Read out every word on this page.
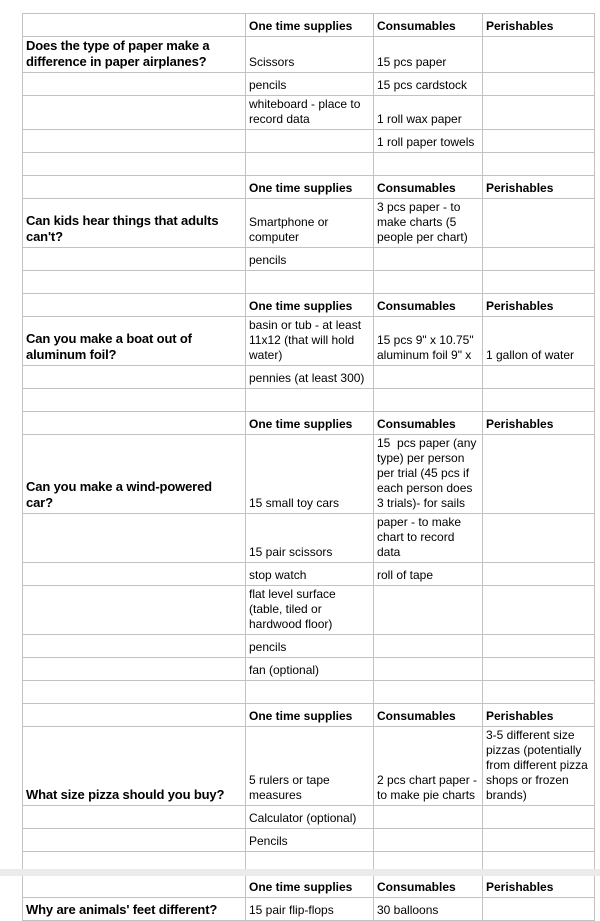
	One time supplies	Consumables	Perishables
Does the type of paper make a difference in paper airplanes?	Scissors	15 pcs paper	
	pencils	15 pcs cardstock	
	whiteboard - place to record data	1 roll wax paper	
		1 roll paper towels	

	One time supplies	Consumables	Perishables
Can kids hear things that adults can't?	Smartphone or computer	3 pcs paper - to make charts (5 people per chart)	
	pencils		

	One time supplies	Consumables	Perishables
Can you make a boat out of aluminum foil?	basin or tub - at least 11x12 (that will hold water)	15 pcs 9" x 10.75" aluminum foil 9" x	1 gallon of water
	pennies (at least 300)		

	One time supplies	Consumables	Perishables
Can you make a wind-powered car?	15 small toy cars	15  pcs paper (any type) per person per trial (45 pcs if each person does 3 trials)- for sails	
	15 pair scissors	paper - to make chart to record data	
	stop watch	roll of tape	
	flat level surface (table, tiled or hardwood floor)		
	pencils		
	fan (optional)		

	One time supplies	Consumables	Perishables
What size pizza should you buy?	5 rulers or tape measures	2 pcs chart paper - to make pie charts	3-5 different size pizzas (potentially from different pizza shops or frozen brands)
	Calculator (optional)		
	Pencils		

	One time supplies	Consumables	Perishables
Why are animals' feet different?	15 pair flip-flops	30 balloons	
